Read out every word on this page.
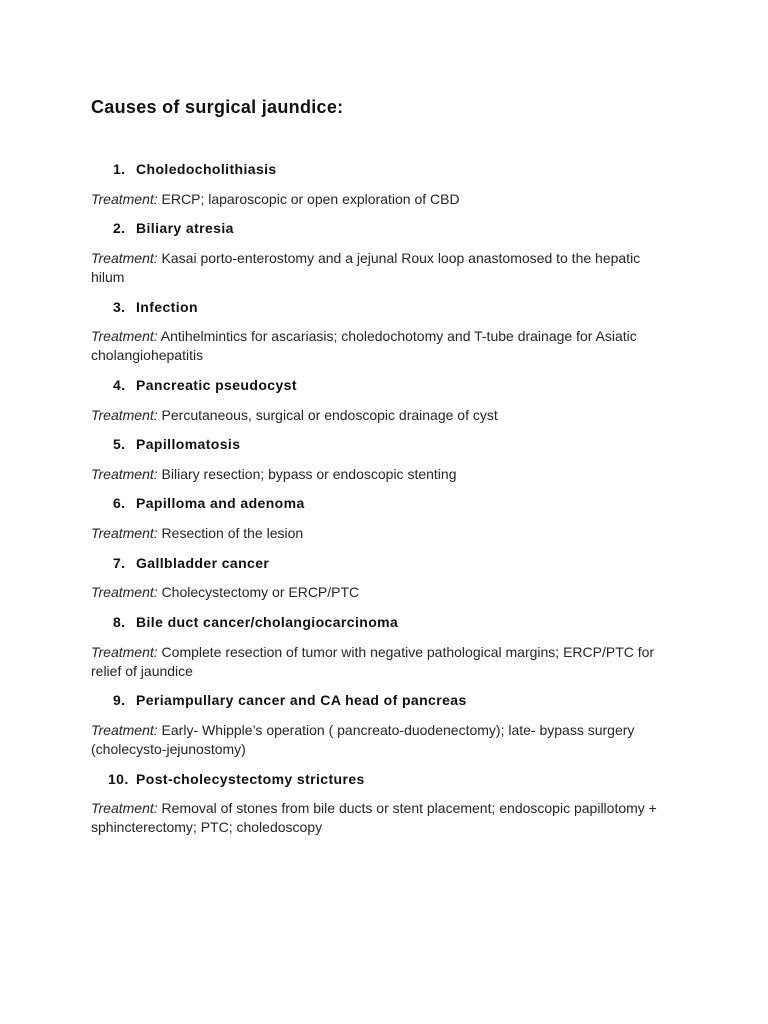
Causes of surgical jaundice:

1. Choledocholithiasis

Treatment: ERCP; laparoscopic or open exploration of CBD

2. Biliary atresia

Treatment: Kasai porto-enterostomy and a jejunal Roux loop anastomosed to the hepatic hilum

3. Infection

Treatment: Antihelmintics for ascariasis; choledochotomy and T-tube drainage for Asiatic cholangiohepatitis

4. Pancreatic pseudocyst

Treatment: Percutaneous, surgical or endoscopic drainage of cyst

5. Papillomatosis

Treatment: Biliary resection; bypass or endoscopic stenting

6. Papilloma and adenoma

Treatment: Resection of the lesion

7. Gallbladder cancer

Treatment: Cholecystectomy or ERCP/PTC

8. Bile duct cancer/cholangiocarcinoma

Treatment: Complete resection of tumor with negative pathological margins; ERCP/PTC for relief of jaundice

9. Periampullary cancer and CA head of pancreas

Treatment: Early- Whipple’s operation ( pancreato-duodenectomy); late- bypass surgery (cholecysto-jejunostomy)

10. Post-cholecystectomy strictures

Treatment: Removal of stones from bile ducts or stent placement; endoscopic papillotomy + sphincterectomy; PTC; choledoscopy
